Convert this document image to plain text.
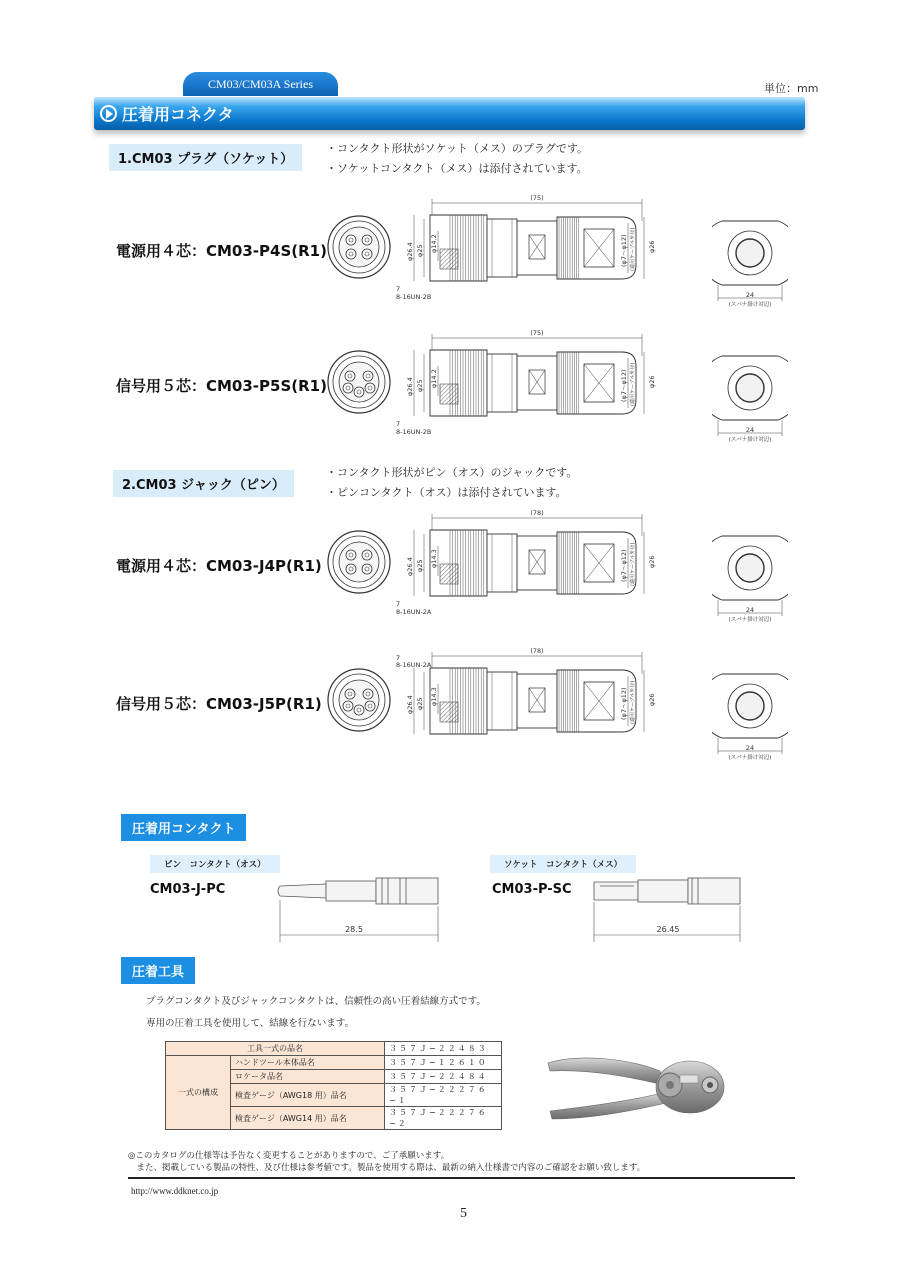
CM03/CM03A Series	単位：mm
圧着用コネクタ
1.CM03 プラグ（ソケット）
・コンタクト形状がソケット（メス）のプラグです。
・ソケットコンタクト（メス）は添付されています。
2.CM03 ジャック（ピン）
・コンタクト形状がピン（オス）のジャックです。
・ピンコンタクト（オス）は添付されています。
電源用４芯：CM03-P4S(R1)
(75)
φ26.4 φ25 φ14.2	(φ7～φ12) (適用ケーブル外径) φ26
7
8-16UN-2B	24
(スパナ掛け対辺)
信号用５芯：CM03-P5S(R1)
(75)
φ26.4 φ25 φ14.2	(φ7～φ12) (適用ケーブル外径) φ26
7
8-16UN-2B	24
(スパナ掛け対辺)
電源用４芯：CM03-J4P(R1)
(78)
φ26.4 φ25 φ14.3	(φ7～φ12) (適用ケーブル外径) φ26
7
8-16UN-2A	24
(スパナ掛け対辺)
信号用５芯：CM03-J5P(R1)
(78)
φ26.4 φ25 φ14.3	(φ7～φ12) (適用ケーブル外径) φ26
7
8-16UN-2A
24
(スパナ掛け対辺)
圧着用コンタクト
ピン　コンタクト（オス）	ソケット　コンタクト（メス）
CM03-J-PC	CM03-P-SC
28.5	26.45
圧着工具
プラグコンタクト及びジャックコンタクトは、信頼性の高い圧着結線方式です。
専用の圧着工具を使用して、結線を行ないます。
工具一式の品名		３５７Ｊ−２２４８３
一式の構成	ハンドツール本体品名	３５７Ｊ−１２６１０
	ロケータ品名	３５７Ｊ−２２４８４
	検査ゲージ（AWG18 用）品名	３５７Ｊ−２２２７６−１
	検査ゲージ（AWG14 用）品名	３５７Ｊ−２２２７６−２
◎このカタログの仕様等は予告なく変更することがありますので、ご了承願います。
　また、掲載している製品の特性、及び仕様は参考値です。製品を使用する際は、最新の納入仕様書で内容のご確認をお願い致します。
http://www.ddknet.co.jp
5
